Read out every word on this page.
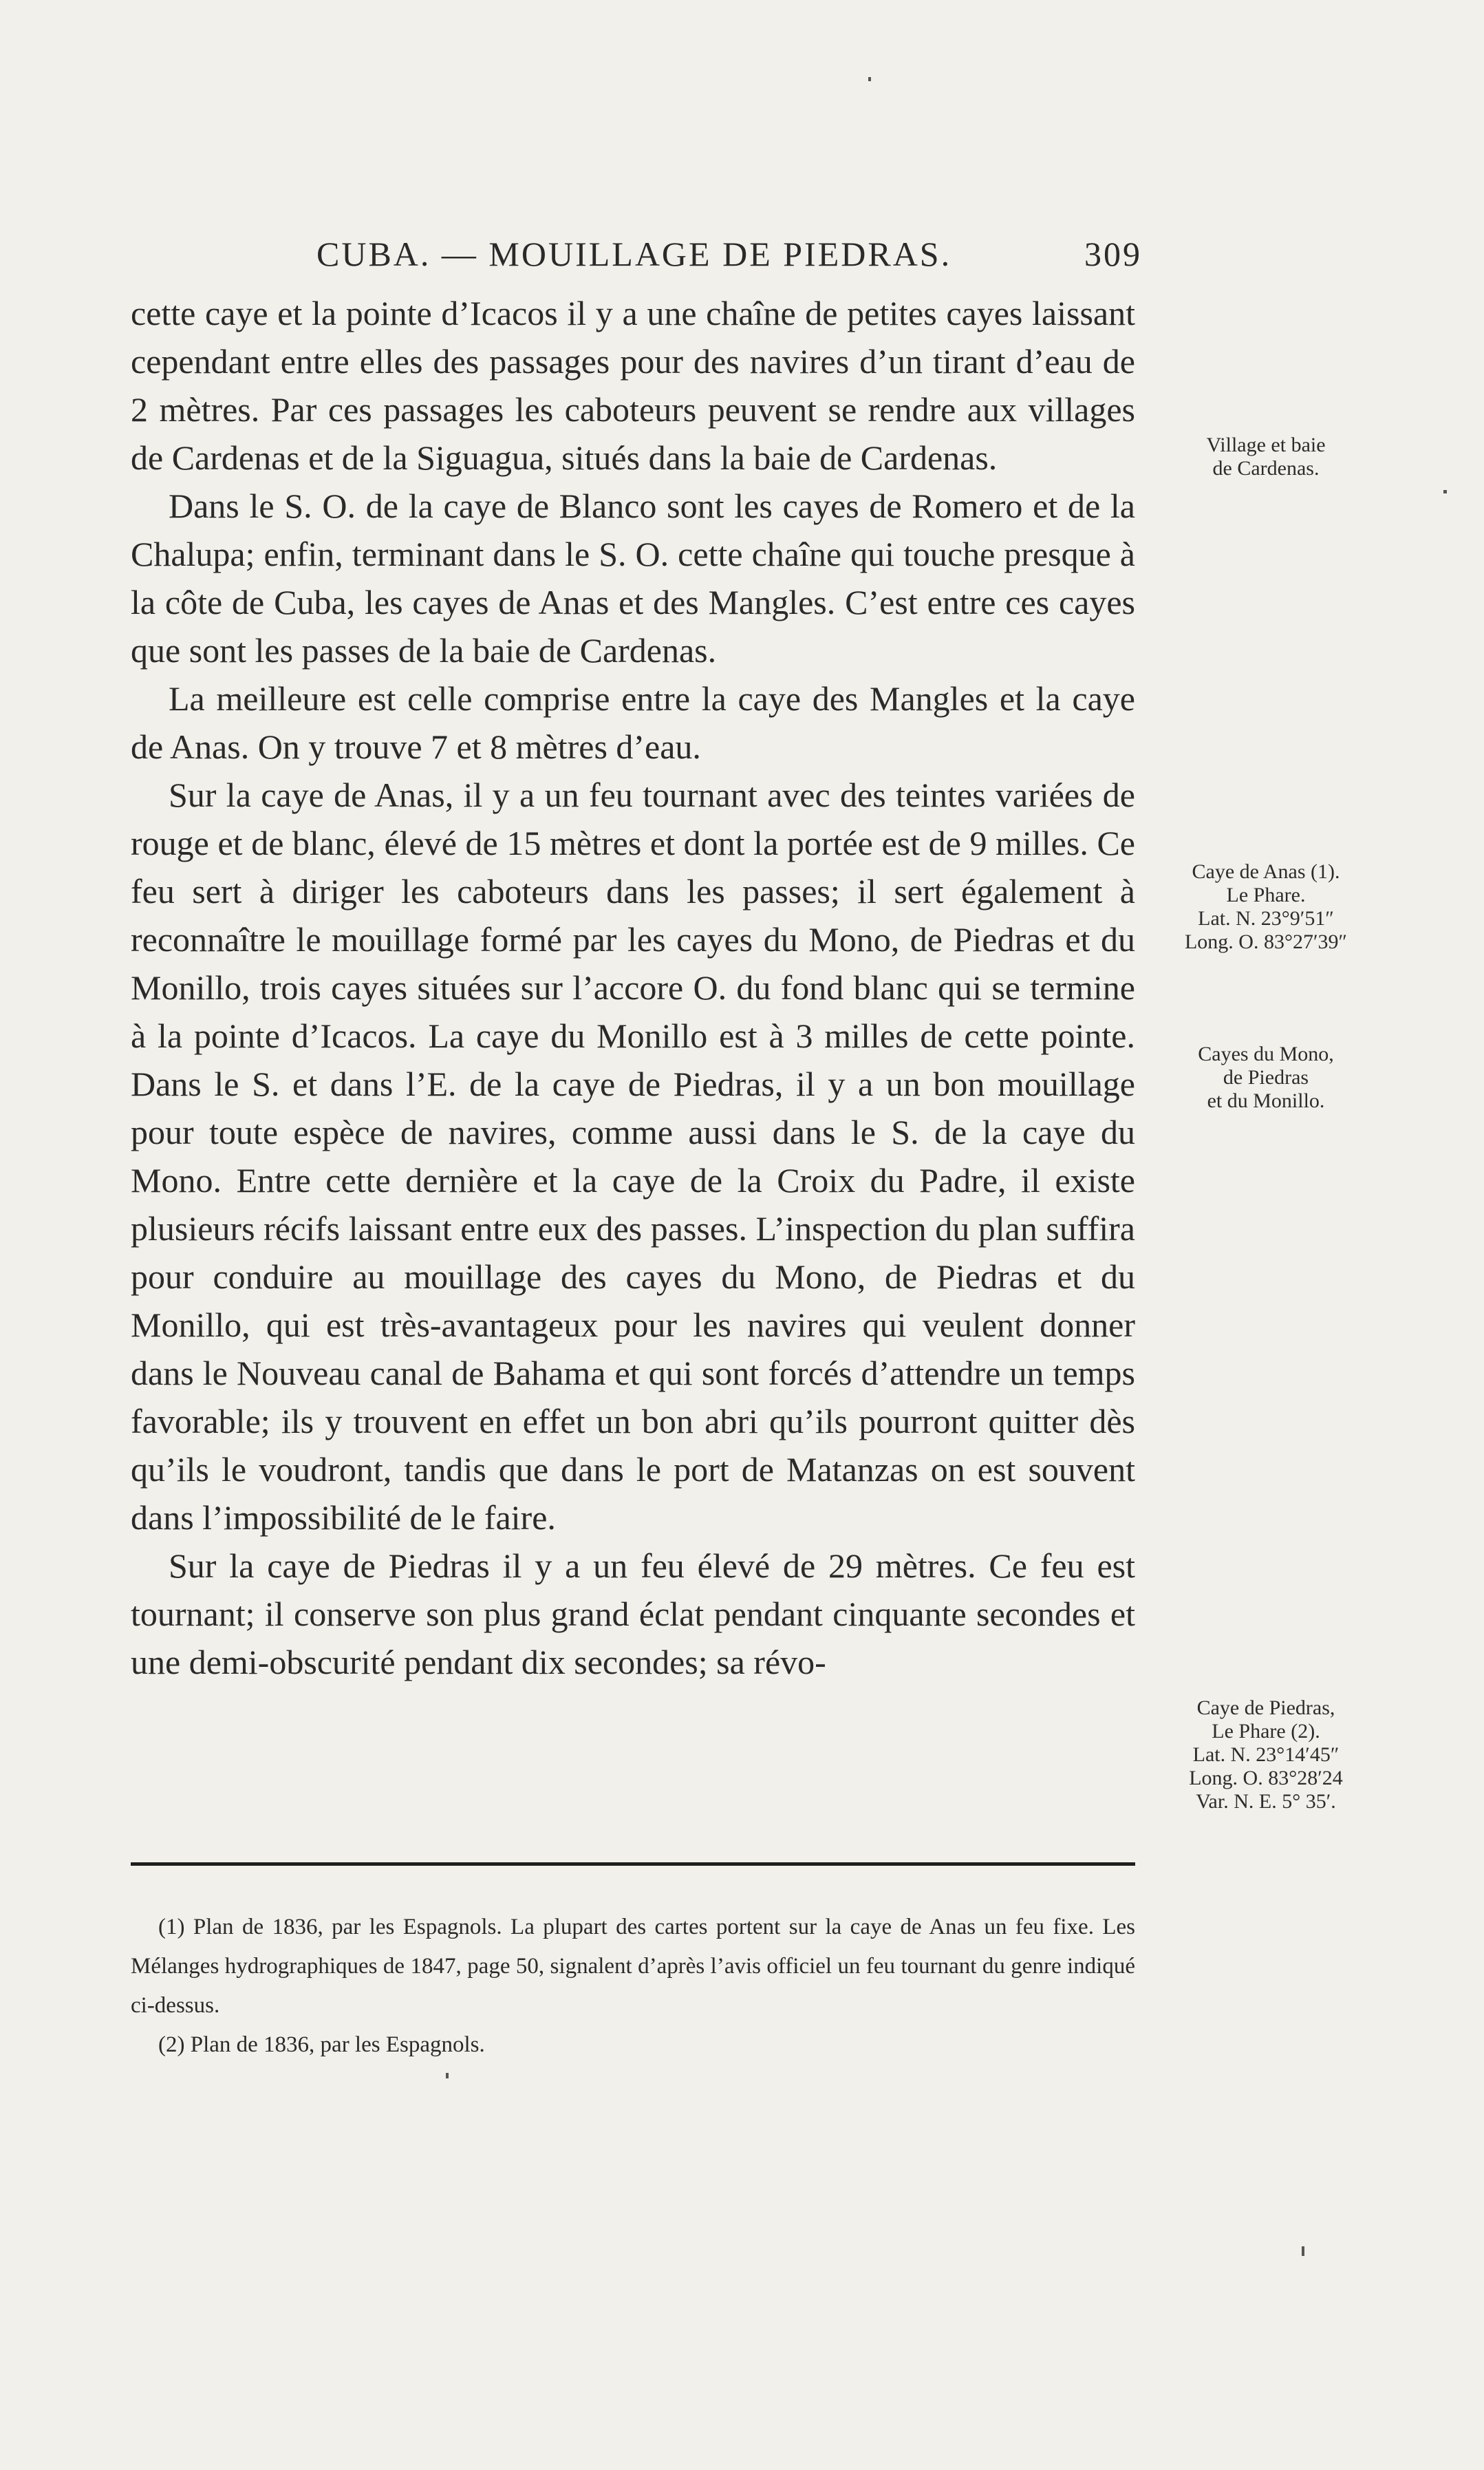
CUBA. — MOUILLAGE DE PIEDRAS.	309

cette caye et la pointe d’Icacos il y a une chaîne de petites cayes laissant cependant entre elles des passages pour des navires d’un tirant d’eau de 2 mètres. Par ces passages les caboteurs peuvent se rendre aux villages de Cardenas et de la Siguagua, situés dans la baie de Cardenas.

Dans le S. O. de la caye de Blanco sont les cayes de Romero et de la Chalupa; enfin, terminant dans le S. O. cette chaîne qui touche presque à la côte de Cuba, les cayes de Anas et des Mangles. C’est entre ces cayes que sont les passes de la baie de Cardenas.

La meilleure est celle comprise entre la caye des Mangles et la caye de Anas. On y trouve 7 et 8 mètres d’eau.

Sur la caye de Anas, il y a un feu tournant avec des teintes variées de rouge et de blanc, élevé de 15 mètres et dont la portée est de 9 milles. Ce feu sert à diriger les caboteurs dans les passes; il sert également à reconnaître le mouillage formé par les cayes du Mono, de Piedras et du Monillo, trois cayes situées sur l’accore O. du fond blanc qui se termine à la pointe d’Icacos. La caye du Monillo est à 3 milles de cette pointe. Dans le S. et dans l’E. de la caye de Piedras, il y a un bon mouillage pour toute espèce de navires, comme aussi dans le S. de la caye du Mono. Entre cette dernière et la caye de la Croix du Padre, il existe plusieurs récifs laissant entre eux des passes. L’inspection du plan suffira pour conduire au mouillage des cayes du Mono, de Piedras et du Monillo, qui est très-avantageux pour les navires qui veulent donner dans le Nouveau canal de Bahama et qui sont forcés d’attendre un temps favorable; ils y trouvent en effet un bon abri qu’ils pourront quitter dès qu’ils le voudront, tandis que dans le port de Matanzas on est souvent dans l’impossibilité de le faire.

Sur la caye de Piedras il y a un feu élevé de 29 mètres. Ce feu est tournant; il conserve son plus grand éclat pendant cinquante secondes et une demi-obscurité pendant dix secondes; sa révo-

Village et baie
de Cardenas.
Caye de Anas (1).
Le Phare.
Lat. N. 23°9′51″
Long. O. 83°27′39″
Cayes du Mono,
de Piedras
et du Monillo.
Caye de Piedras,
Le Phare (2).
Lat. N. 23°14′45″
Long. O. 83°28′24
Var. N. E. 5° 35′.

(1) Plan de 1836, par les Espagnols. La plupart des cartes portent sur la caye de Anas un feu fixe. Les Mélanges hydrographiques de 1847, page 50, signalent d’après l’avis officiel un feu tournant du genre indiqué ci-dessus.

(2) Plan de 1836, par les Espagnols.
